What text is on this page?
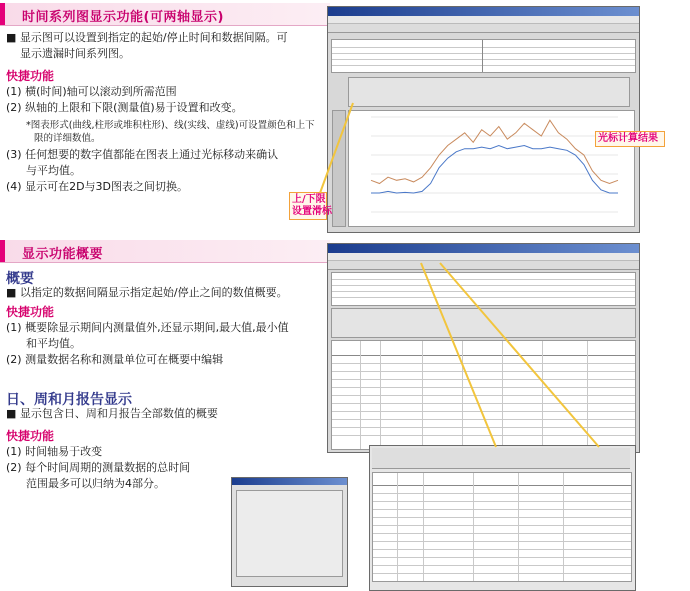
时间系列图显示功能(可两轴显示)
■ 显示图可以设置到指定的起始/停止时间和数据间隔。可
显示遗漏时间系列图。
快捷功能
(1) 横(时间)轴可以滚动到所需范围
(2) 纵轴的上限和下限(测量值)易于设置和改变。
*图表形式(曲线,柱形或堆积柱形)、线(实线、虚线)可设置颜色和上下
限的详细数值。
(3) 任何想要的数字值都能在图表上通过光标移动来确认
与平均值。
(4) 显示可在2D与3D图表之间切换。
光标计算结果
上/下限
设置滑标
显示功能概要
概要
■ 以指定的数据间隔显示指定起始/停止之间的数值概要。
快捷功能
(1) 概要除显示期间内测量值外,还显示期间,最大值,最小值
和平均值。
(2) 测量数据名称和测量单位可在概要中编辑
日、周和月报告显示
■ 显示包含日、周和月报告全部数值的概要
快捷功能
(1) 时间轴易于改变
(2) 每个时间周期的测量数据的总时间
范围最多可以归纳为4部分。
